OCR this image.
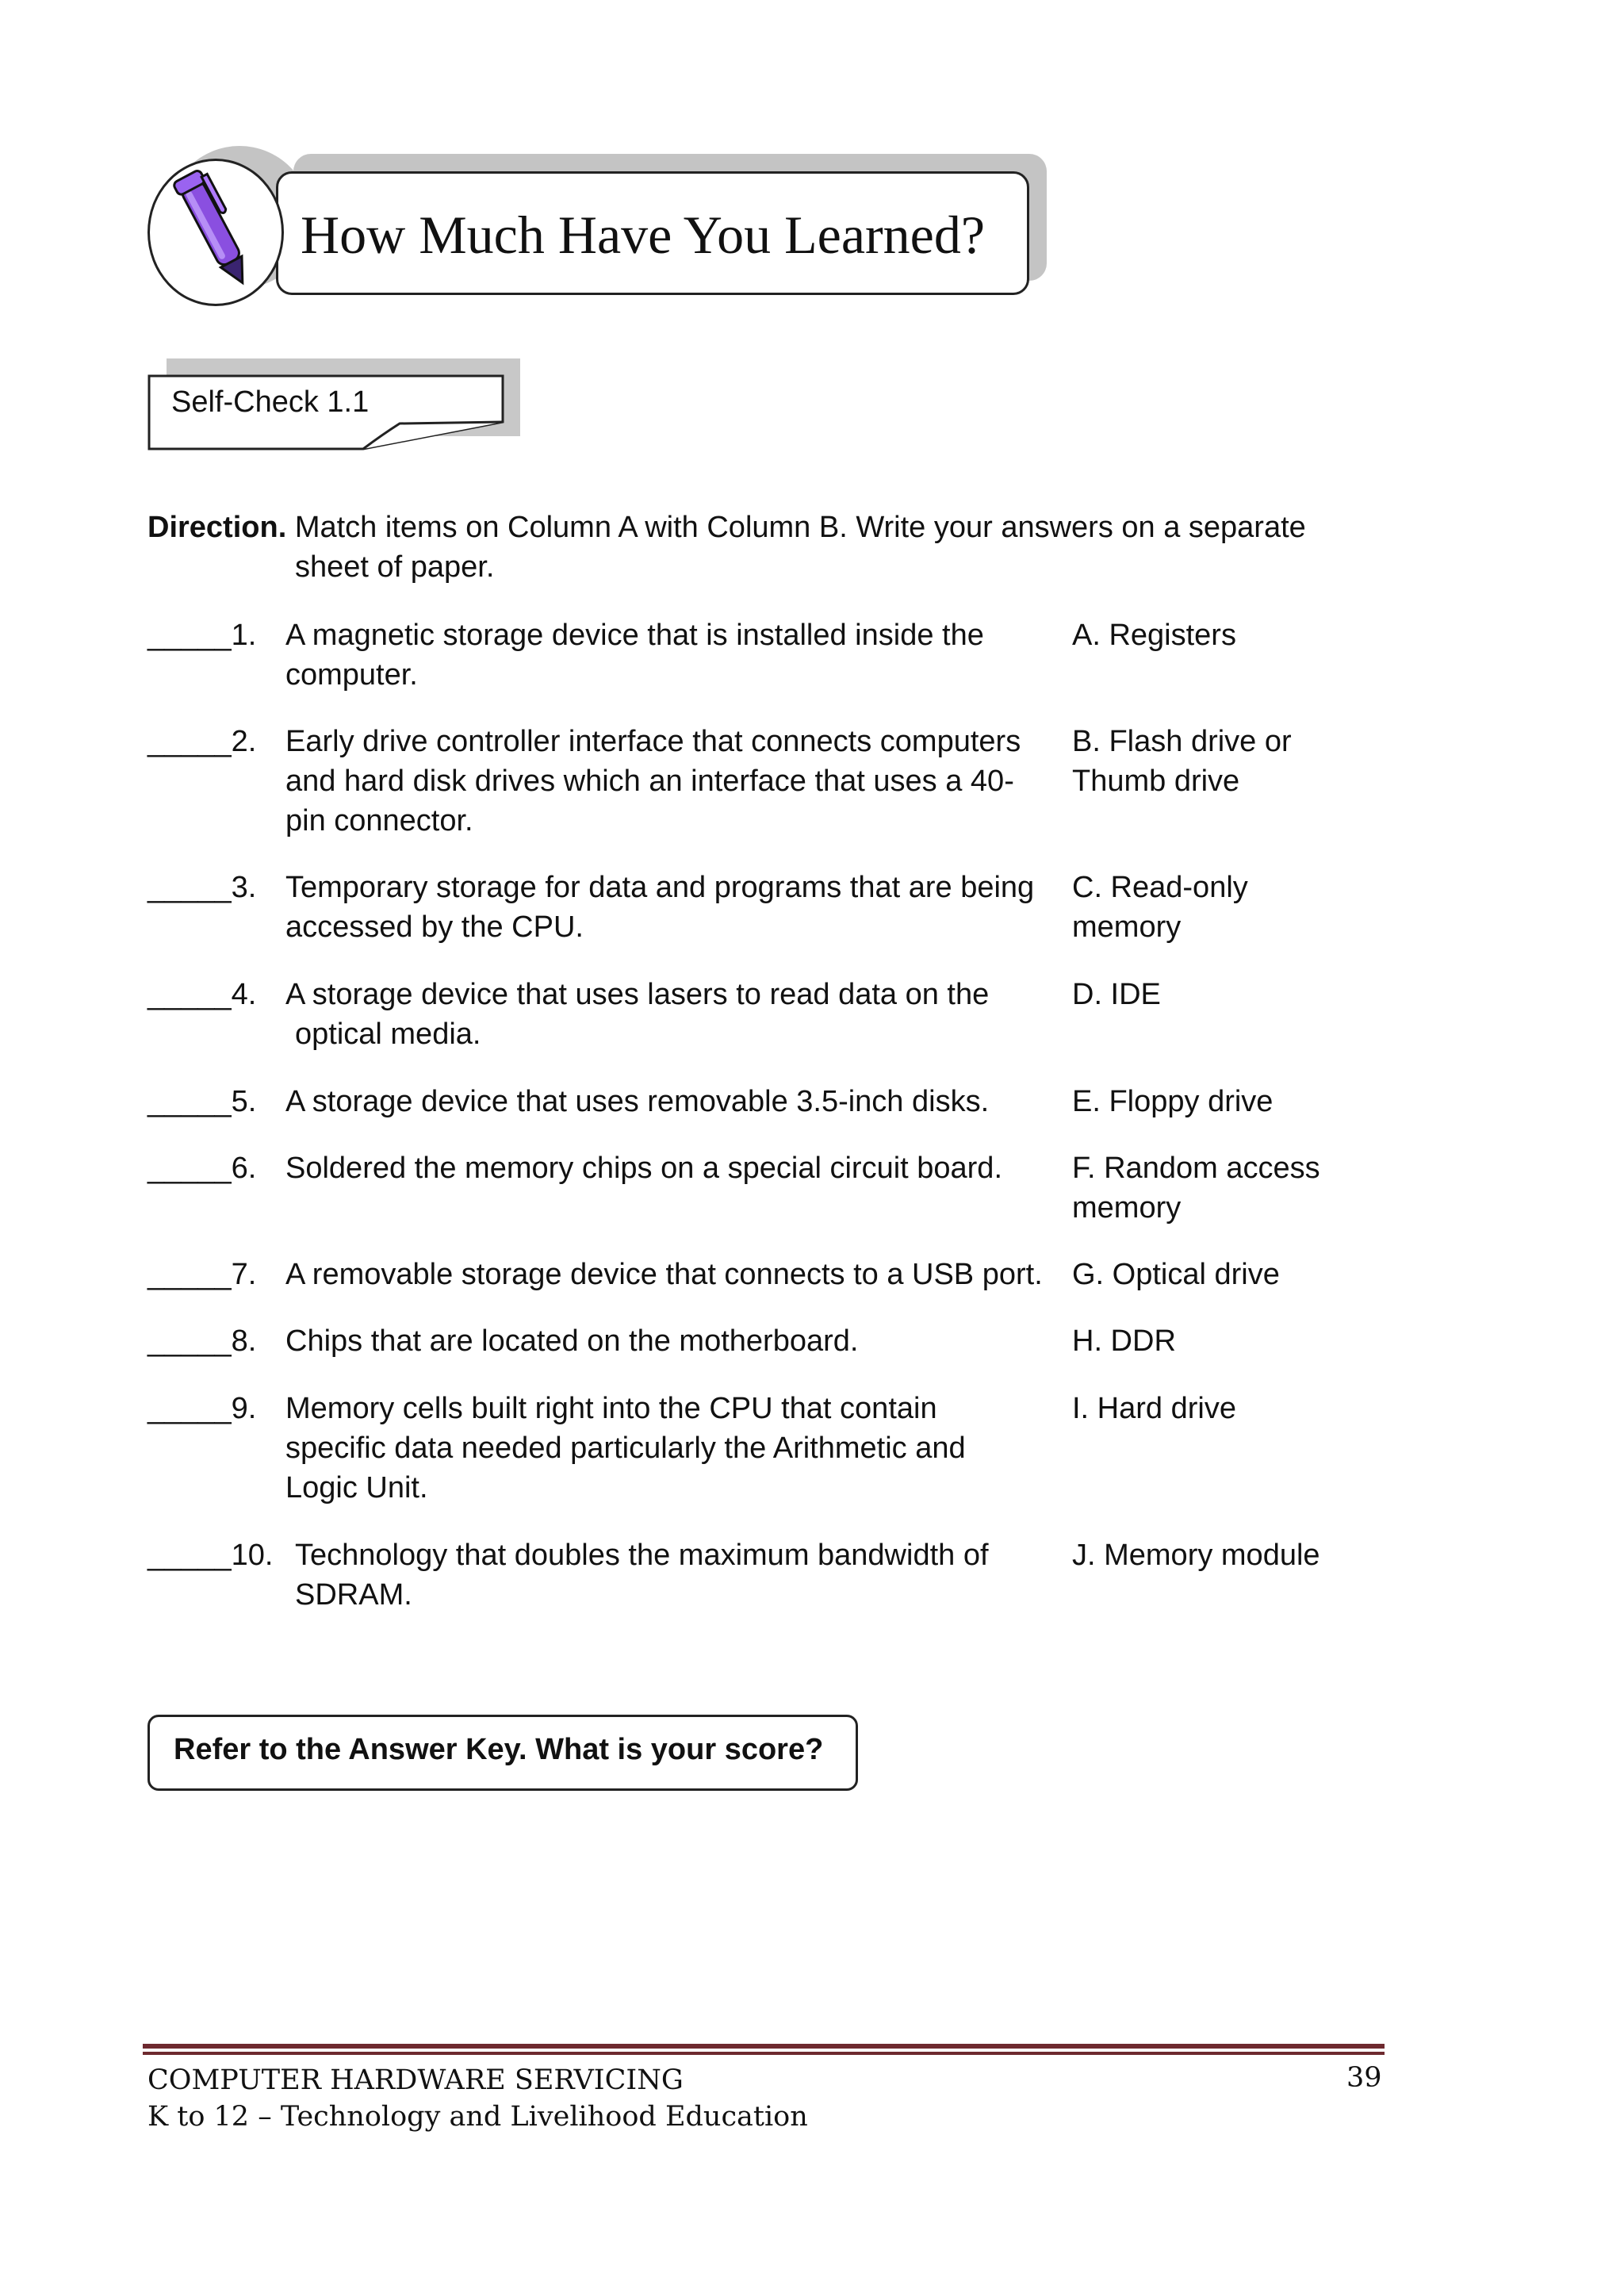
How Much Have You Learned?
Self-Check 1.1
Direction. Match items on Column A with Column B. Write your answers on a separate
sheet of paper.
_____1. A magnetic storage device that is installed inside the
computer.
A. Registers
_____2. Early drive controller interface that connects computers
and hard disk drives which an interface that uses a 40-
pin connector.
B. Flash drive or
Thumb drive
_____3. Temporary storage for data and programs that are being
accessed by the CPU.
C. Read-only
memory
_____4. A storage device that uses lasers to read data on the
optical media.
D. IDE
_____5. A storage device that uses removable 3.5-inch disks.	E. Floppy drive
_____6. Soldered the memory chips on a special circuit board.	F. Random access
memory
_____7. A removable storage device that connects to a USB port. G. Optical drive
_____8. Chips that are located on the motherboard.	H. DDR
_____9. Memory cells built right into the CPU that contain
specific data needed particularly the Arithmetic and
Logic Unit.
I. Hard drive
_____10. Technology that doubles the maximum bandwidth of
SDRAM.
J. Memory module
Refer to the Answer Key. What is your score?
COMPUTER HARDWARE SERVICING
K to 12 – Technology and Livelihood Education
39
